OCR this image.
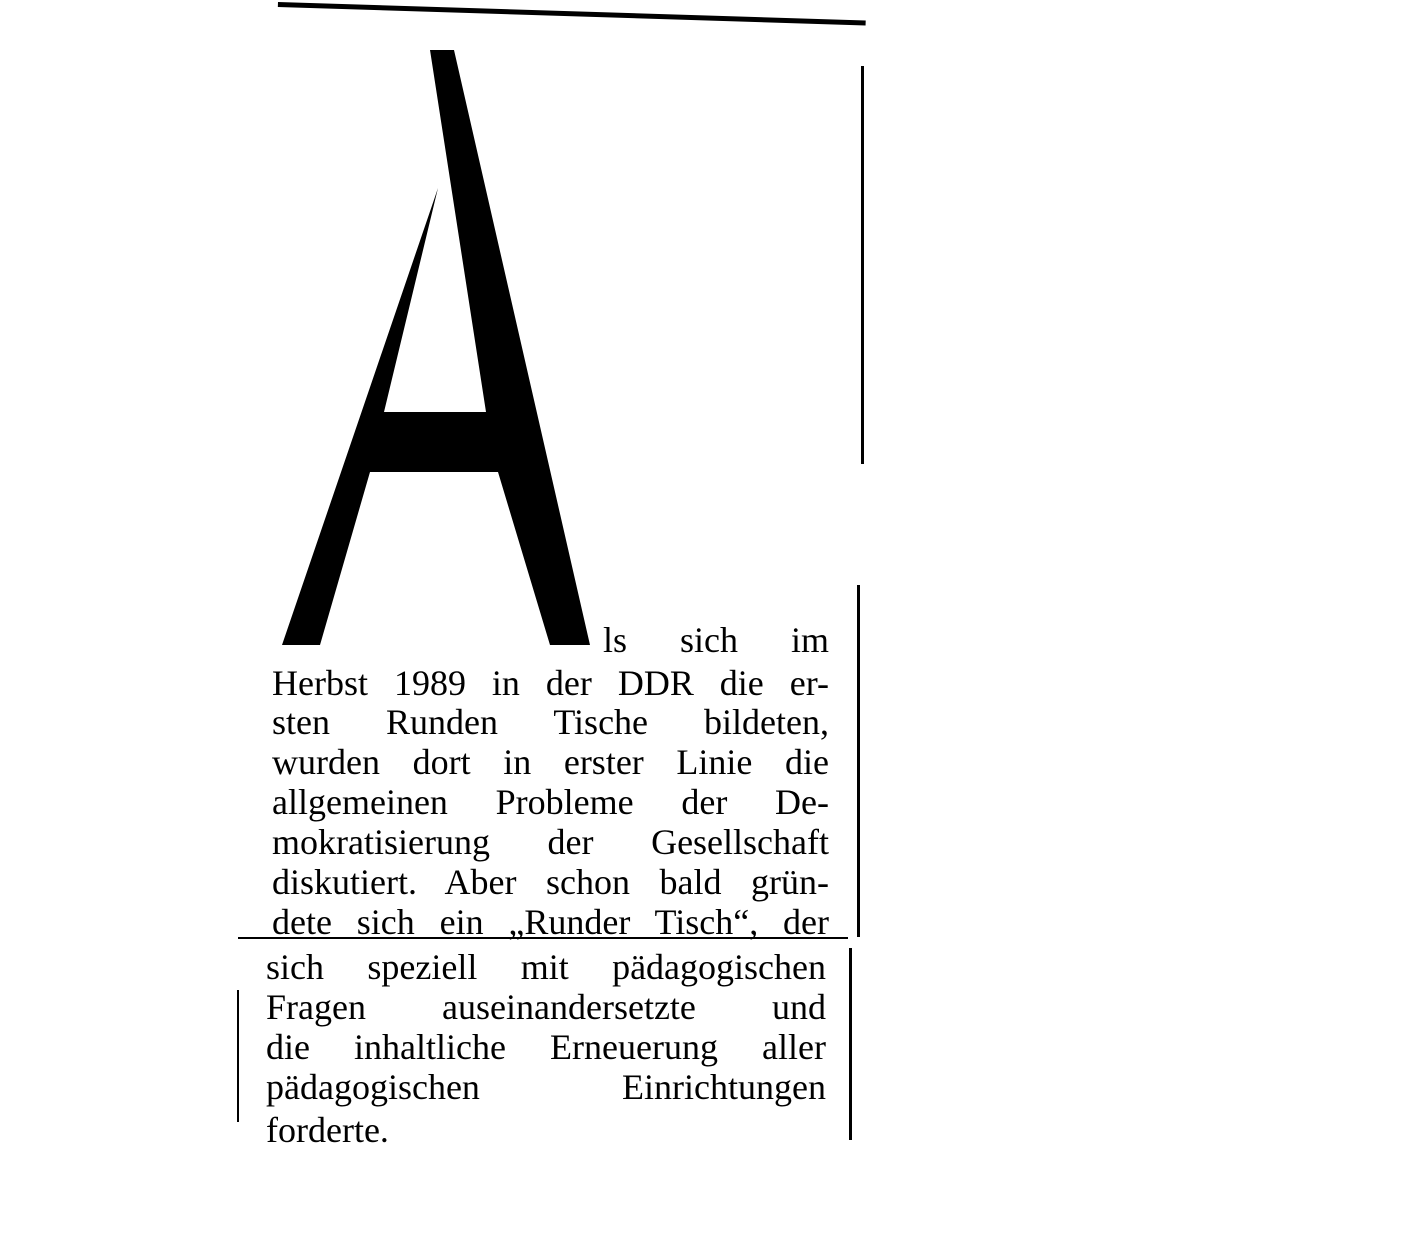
ls sich im
Herbst 1989 in der DDR die er-
sten Runden Tische bildeten,
wurden dort in erster Linie die
allgemeinen Probleme der De-
mokratisierung der Gesellschaft
diskutiert. Aber schon bald grün-
dete sich ein „Runder Tisch“, der
sich speziell mit pädagogischen
Fragen auseinandersetzte und
die inhaltliche Erneuerung aller
pädagogischen Einrichtungen
forderte.
